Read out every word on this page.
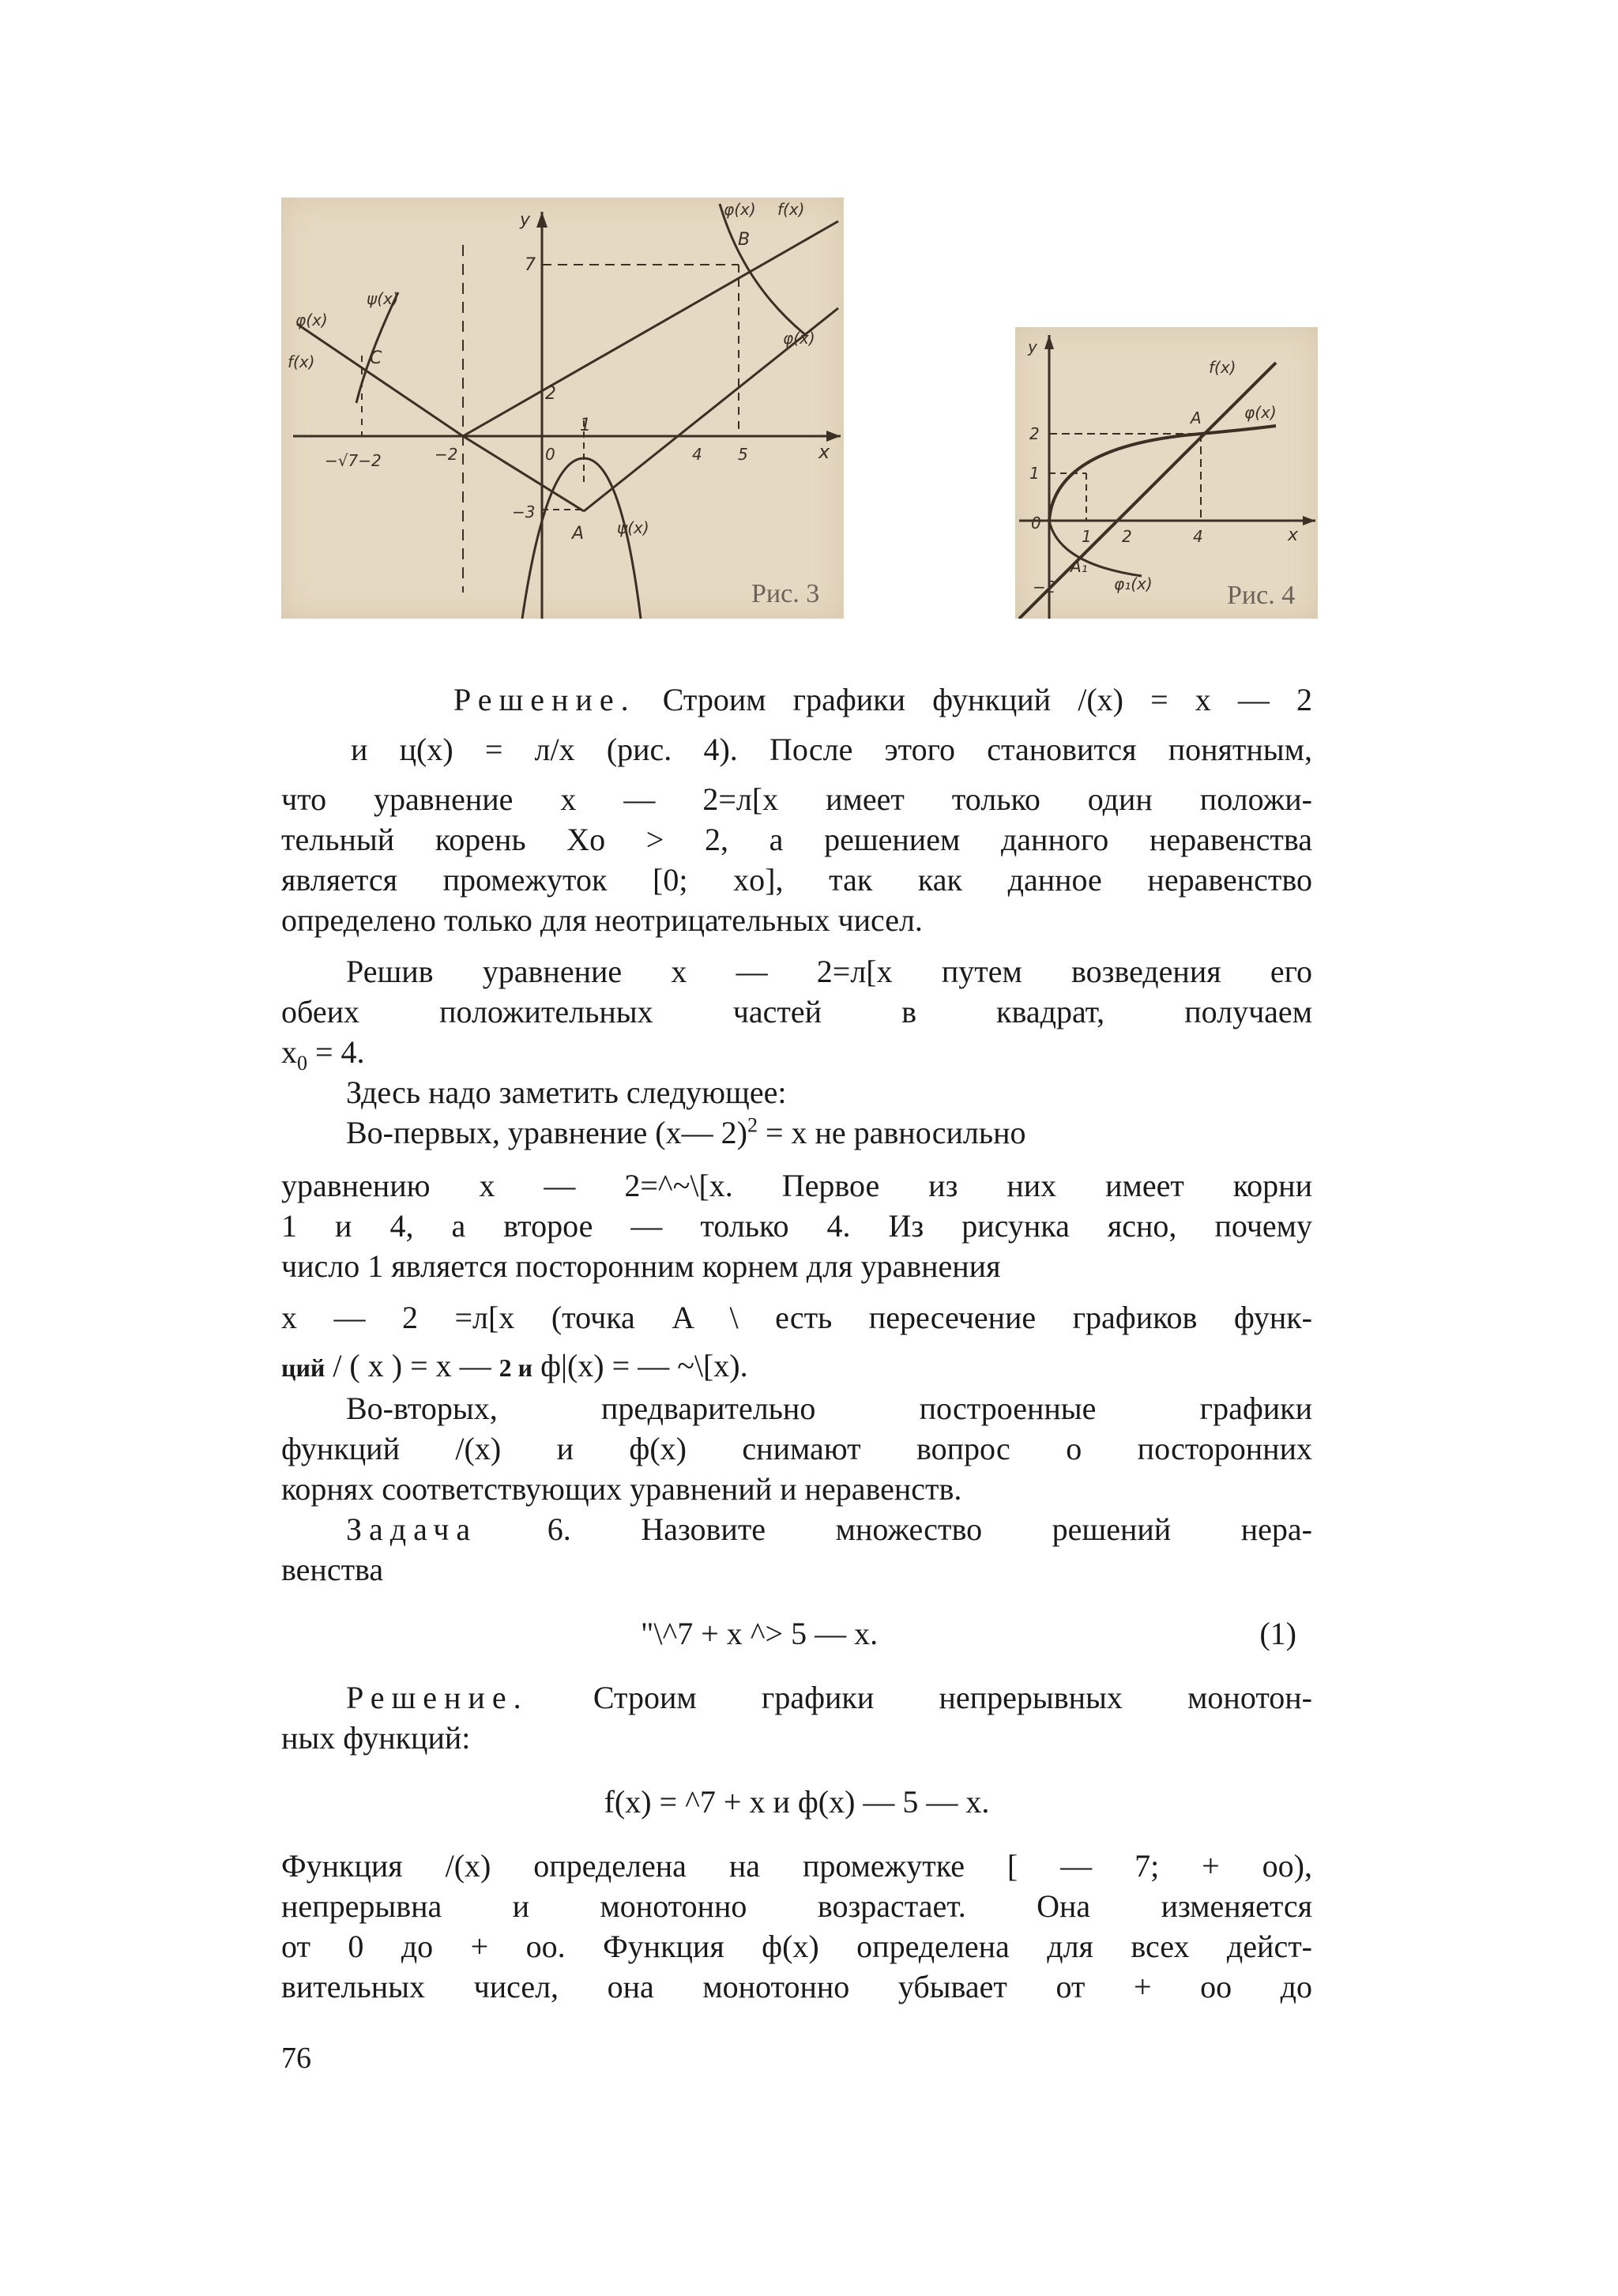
y
x
φ(x) f(x)
B
7
ψ(x)
φ(x)
f(x)	C
φ(x)
2
1
−√7−2	−2	0	4 5
−3
A ψ(x)
Рис. 3
y
x
f(x)
A	φ(x)
2
1
0
1 2	4
A₁
−2	φ₁(x)	Рис. 4
Решение. Строим графики функций /(x) = x — 2
и ц(x) = л/x (рис. 4). После этого становится понятным,
что уравнение x — 2=л[x имеет только один положи-
тельный корень Xo > 2, а решением данного неравенства
является промежуток [0; xo], так как данное неравенство
определено только для неотрицательных чисел.
Решив уравнение x — 2=л[x путем возведения его
обеих положительных частей в квадрат, получаем
$x_0 = 4$.
Здесь надо заметить следующее:
Во-первых, уравнение (x— 2)$^2$ = x не равносильно
уравнению x — 2=^~\[x. Первое из них имеет корни
1 и 4, а второе — только 4. Из рисунка ясно, почему
число 1 является посторонним корнем для уравнения
x — 2 =л[x (точка A \ есть пересечение графиков функ-
ций / ( x ) = x — 2 и ф|(x) = — ~\[x).
Во-вторых, предварительно построенные графики
функций /(x) и ф(x) снимают вопрос о посторонних
корнях соответствующих уравнений и неравенств.
Задача 6. Назовите множество решений нера-
венства
"\^7 + x ^> 5 — x.	(1)
Решение. Строим графики непрерывных монотон-
ных функций:
f(x) = ^7 + x и ф(x) — 5 — x.
Функция /(x) определена на промежутке [ — 7; + oo),
непрерывна и монотонно возрастает. Она изменяется
от 0 до + oo. Функция ф(x) определена для всех дейст-
вительных чисел, она монотонно убывает от + oo до
76
